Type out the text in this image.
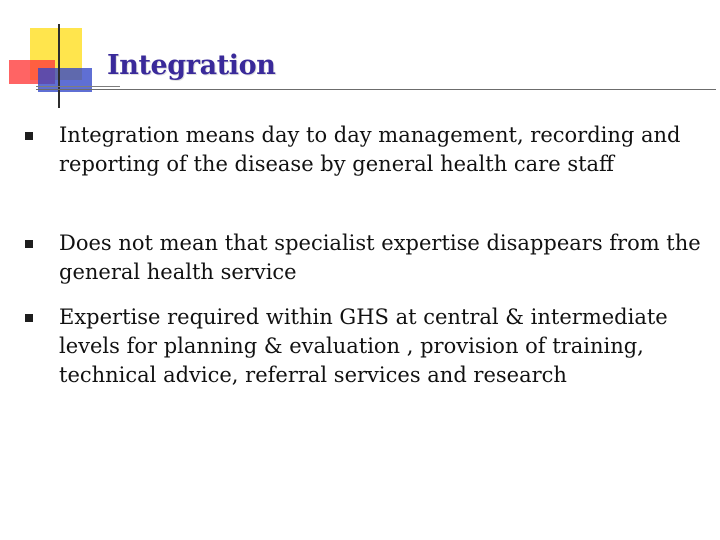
Integration
Integration means day to day management, recording and reporting of the disease by general health care staff
Does not mean that specialist expertise disappears from the general health service
Expertise required within GHS at central & intermediate levels for planning & evaluation , provision of training, technical advice, referral services and research
